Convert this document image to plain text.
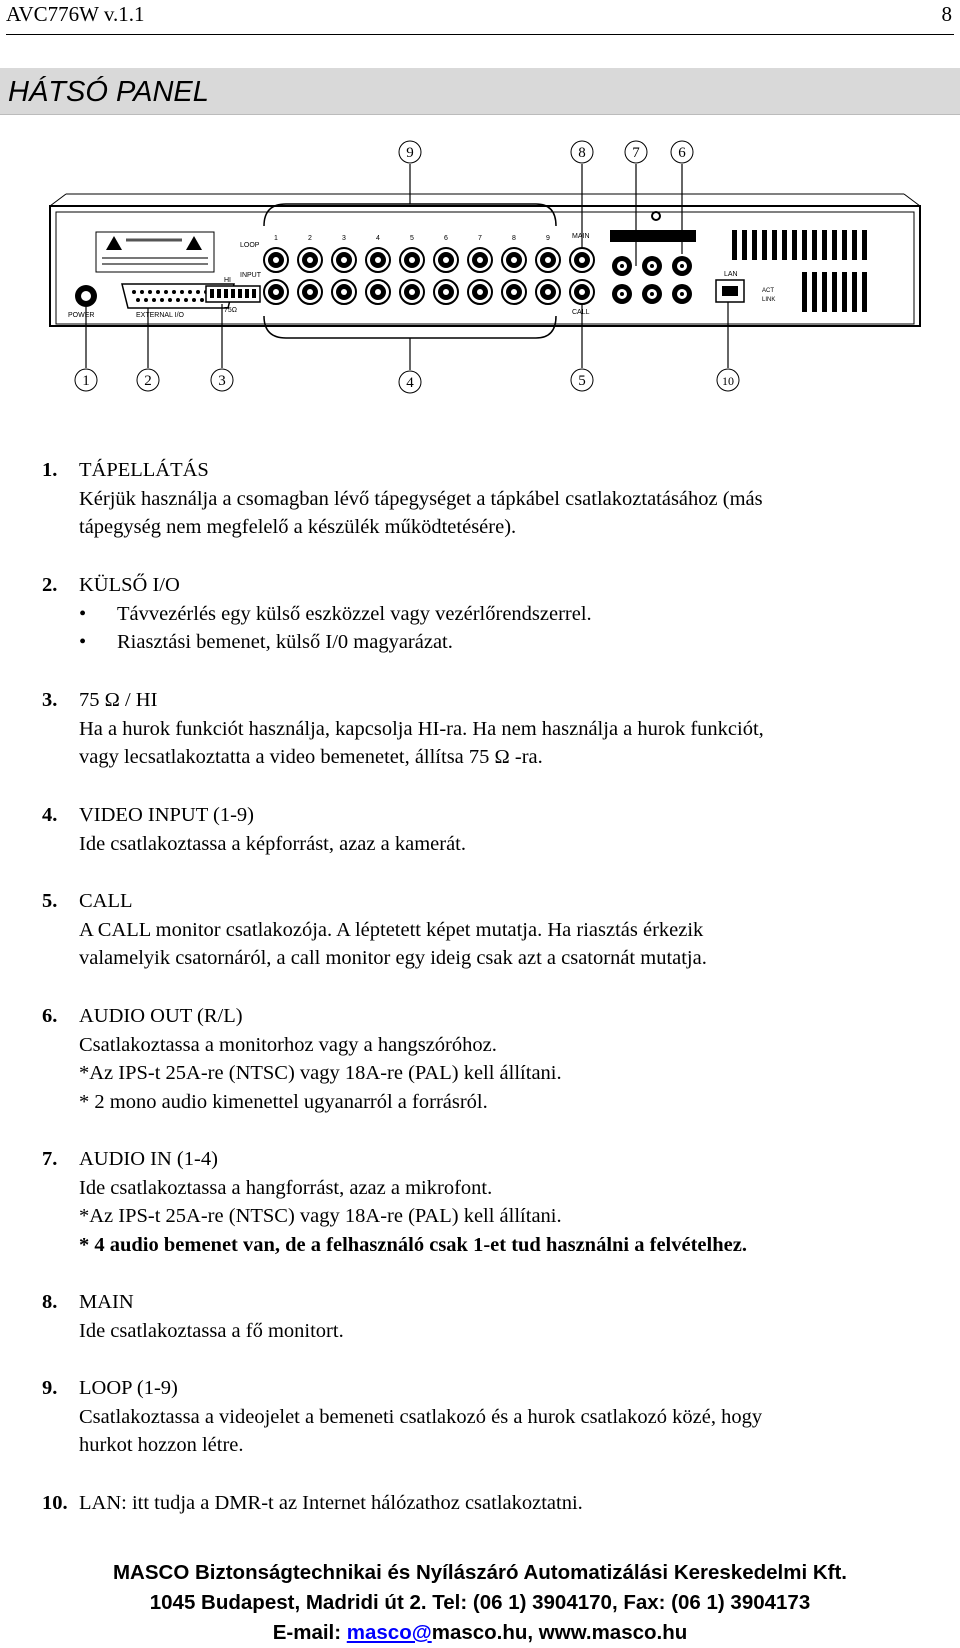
AVC776W v.1.1	8
HÁTSÓ PANEL
POWER	EXTERNAL I/O
HI
75Ω
LOOP
INPUT
1	2	3	4	5	6	7	8	9	MAIN
CALL
LAN
ACT
LINK
9	8	7	6
1	2	3	4	5	10
1. TÁPELLÁTÁS
Kérjük használja a csomagban lévő tápegységet a tápkábel csatlakoztatásához (más
tápegység nem megfelelő a készülék működtetésére).
2. KÜLSŐ I/O
• Távvezérlés egy külső eszközzel vagy vezérlőrendszerrel.
• Riasztási bemenet, külső I/0 magyarázat.
3. 75 Ω / HI
Ha a hurok funkciót használja, kapcsolja HI-ra. Ha nem használja a hurok funkciót,
vagy lecsatlakoztatta a video bemenetet, állítsa 75 Ω -ra.
4. VIDEO INPUT (1-9)
Ide csatlakoztassa a képforrást, azaz a kamerát.
5. CALL
A CALL monitor csatlakozója. A léptetett képet mutatja. Ha riasztás érkezik
valamelyik csatornáról, a call monitor egy ideig csak azt a csatornát mutatja.
6. AUDIO OUT (R/L)
Csatlakoztassa a monitorhoz vagy a hangszóróhoz.
*Az IPS-t 25A-re (NTSC) vagy 18A-re (PAL) kell állítani.
* 2 mono audio kimenettel ugyanarról a forrásról.
7. AUDIO IN (1-4)
Ide csatlakoztassa a hangforrást, azaz a mikrofont.
*Az IPS-t 25A-re (NTSC) vagy 18A-re (PAL) kell állítani.
* 4 audio bemenet van, de a felhasználó csak 1-et tud használni a felvételhez.
8. MAIN
Ide csatlakoztassa a fő monitort.
9. LOOP (1-9)
Csatlakoztassa a videojelet a bemeneti csatlakozó és a hurok csatlakozó közé, hogy
hurkot hozzon létre.
10. LAN: itt tudja a DMR-t az Internet hálózathoz csatlakoztatni.
MASCO Biztonságtechnikai és Nyílászáró Automatizálási Kereskedelmi Kft.
1045 Budapest, Madridi út 2. Tel: (06 1) 3904170, Fax: (06 1) 3904173
E-mail: masco@masco.hu, www.masco.hu
